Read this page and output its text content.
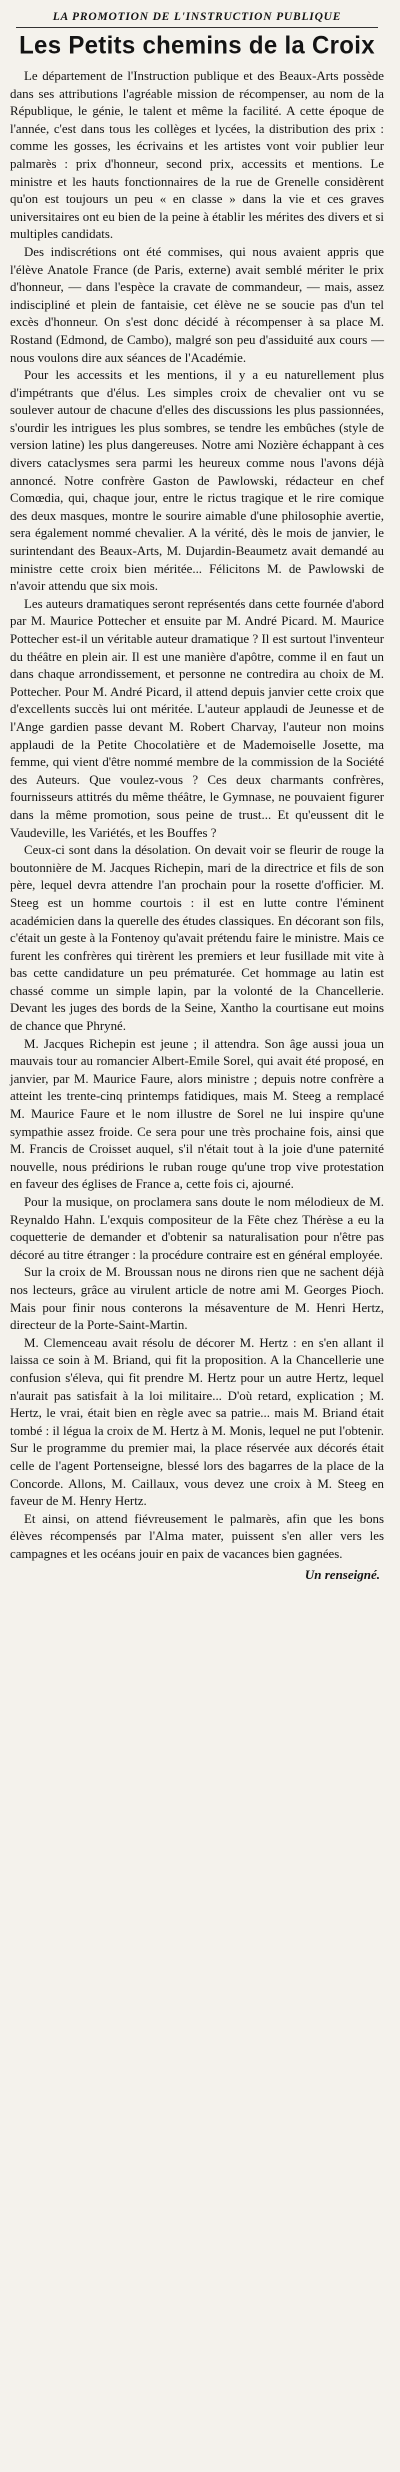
LA PROMOTION DE L'INSTRUCTION PUBLIQUE
Les Petits chemins de la Croix

Le département de l'Instruction publique et des Beaux-Arts possède dans ses attributions l'agréable mission de récompenser, au nom de la République, le génie, le talent et même la facilité. A cette époque de l'année, c'est dans tous les collèges et lycées, la distribution des prix : comme les gosses, les écrivains et les artistes vont voir publier leur palmarès : prix d'honneur, second prix, accessits et mentions. Le ministre et les hauts fonctionnaires de la rue de Grenelle considèrent qu'on est toujours un peu « en classe » dans la vie et ces graves universitaires ont eu bien de la peine à établir les mérites des divers et si multiples candidats.

Des indiscrétions ont été commises, qui nous avaient appris que l'élève Anatole France (de Paris, externe) avait semblé mériter le prix d'honneur, — dans l'espèce la cravate de commandeur, — mais, assez indiscipliné et plein de fantaisie, cet élève ne se soucie pas d'un tel excès d'honneur. On s'est donc décidé à récompenser à sa place M. Rostand (Edmond, de Cambo), malgré son peu d'assiduité aux cours — nous voulons dire aux séances de l'Académie.

Pour les accessits et les mentions, il y a eu naturellement plus d'impétrants que d'élus. Les simples croix de chevalier ont vu se soulever autour de chacune d'elles des discussions les plus passionnées, s'ourdir les intrigues les plus sombres, se tendre les embûches (style de version latine) les plus dangereuses. Notre ami Nozière échappant à ces divers cataclysmes sera parmi les heureux comme nous l'avons déjà annoncé. Notre confrère Gaston de Pawlowski, rédacteur en chef Comœdia, qui, chaque jour, entre le rictus tragique et le rire comique des deux masques, montre le sourire aimable d'une philosophie avertie, sera également nommé chevalier. A la vérité, dès le mois de janvier, le surintendant des Beaux-Arts, M. Dujardin-Beaumetz avait demandé au ministre cette croix bien méritée... Félicitons M. de Pawlowski de n'avoir attendu que six mois.

Les auteurs dramatiques seront représentés dans cette fournée d'abord par M. Maurice Pottecher et ensuite par M. André Picard. M. Maurice Pottecher est-il un véritable auteur dramatique ? Il est surtout l'inventeur du théâtre en plein air. Il est une manière d'apôtre, comme il en faut un dans chaque arrondissement, et personne ne contredira au choix de M. Pottecher. Pour M. André Picard, il attend depuis janvier cette croix que d'excellents succès lui ont méritée. L'auteur applaudi de Jeunesse et de l'Ange gardien passe devant M. Robert Charvay, l'auteur non moins applaudi de la Petite Chocolatière et de Mademoiselle Josette, ma femme, qui vient d'être nommé membre de la commission de la Société des Auteurs. Que voulez-vous ? Ces deux charmants confrères, fournisseurs attitrés du même théâtre, le Gymnase, ne pouvaient figurer dans la même promotion, sous peine de trust... Et qu'eussent dit le Vaudeville, les Variétés, et les Bouffes ?

Ceux-ci sont dans la désolation. On devait voir se fleurir de rouge la boutonnière de M. Jacques Richepin, mari de la directrice et fils de son père, lequel devra attendre l'an prochain pour la rosette d'officier. M. Steeg est un homme courtois : il est en lutte contre l'éminent académicien dans la querelle des études classiques. En décorant son fils, c'était un geste à la Fontenoy qu'avait prétendu faire le ministre. Mais ce furent les confrères qui tirèrent les premiers et leur fusillade mit vite à bas cette candidature un peu prématurée. Cet hommage au latin est chassé comme un simple lapin, par la volonté de la Chancellerie. Devant les juges des bords de la Seine, Xantho la courtisane eut moins de chance que Phryné.

M. Jacques Richepin est jeune ; il attendra. Son âge aussi joua un mauvais tour au romancier Albert-Emile Sorel, qui avait été proposé, en janvier, par M. Maurice Faure, alors ministre ; depuis notre confrère a atteint les trente-cinq printemps fatidiques, mais M. Steeg a remplacé M. Maurice Faure et le nom illustre de Sorel ne lui inspire qu'une sympathie assez froide. Ce sera pour une très prochaine fois, ainsi que M. Francis de Croisset auquel, s'il n'était tout à la joie d'une paternité nouvelle, nous prédirions le ruban rouge qu'une trop vive protestation en faveur des églises de France a, cette fois ci, ajourné.

Pour la musique, on proclamera sans doute le nom mélodieux de M. Reynaldo Hahn. L'exquis compositeur de la Fête chez Thérèse a eu la coquetterie de demander et d'obtenir sa naturalisation pour n'être pas décoré au titre étranger : la procédure contraire est en général employée.

Sur la croix de M. Broussan nous ne dirons rien que ne sachent déjà nos lecteurs, grâce au virulent article de notre ami M. Georges Pioch. Mais pour finir nous conterons la mésaventure de M. Henri Hertz, directeur de la Porte-Saint-Martin.

M. Clemenceau avait résolu de décorer M. Hertz : en s'en allant il laissa ce soin à M. Briand, qui fit la proposition. A la Chancellerie une confusion s'éleva, qui fit prendre M. Hertz pour un autre Hertz, lequel n'aurait pas satisfait à la loi militaire... D'où retard, explication ; M. Hertz, le vrai, était bien en règle avec sa patrie... mais M. Briand était tombé : il légua la croix de M. Hertz à M. Monis, lequel ne put l'obtenir. Sur le programme du premier mai, la place réservée aux décorés était celle de l'agent Portenseigne, blessé lors des bagarres de la place de la Concorde. Allons, M. Caillaux, vous devez une croix à M. Steeg en faveur de M. Henry Hertz.

Et ainsi, on attend fiévreusement le palmarès, afin que les bons élèves récompensés par l'Alma mater, puissent s'en aller vers les campagnes et les océans jouir en paix de vacances bien gagnées.

Un renseigné.
